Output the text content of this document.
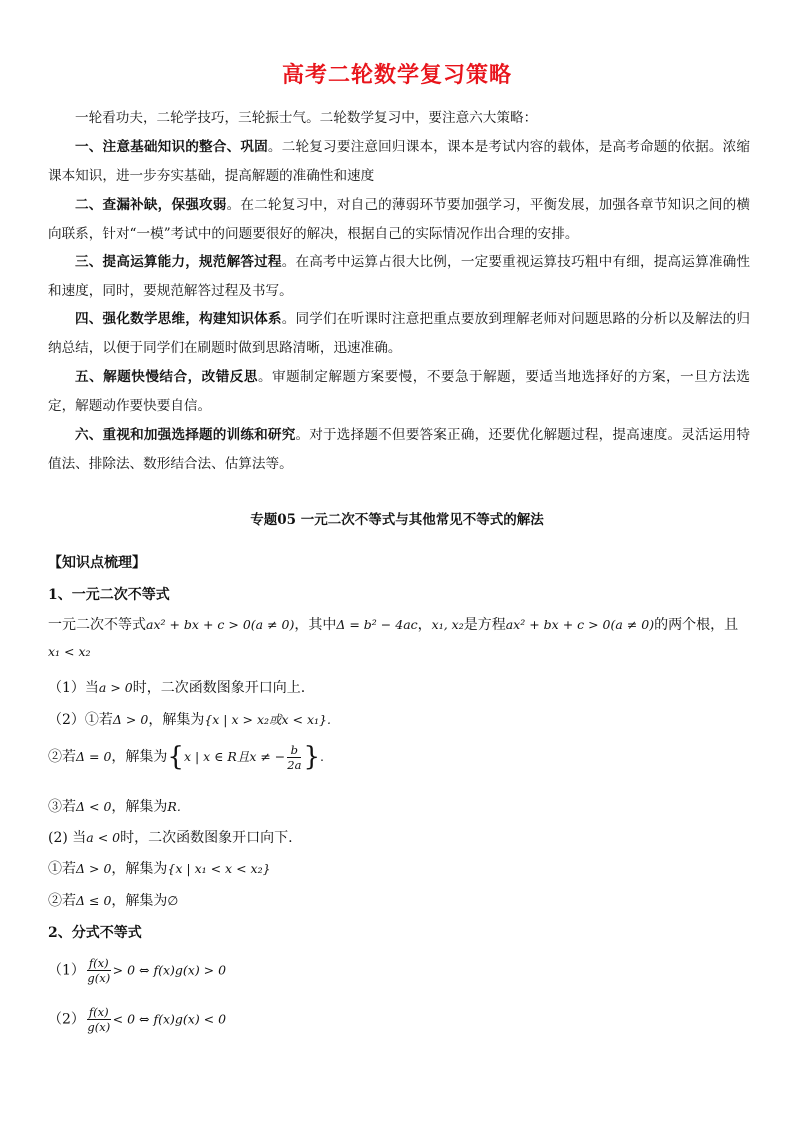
高考二轮数学复习策略
一轮看功夫，二轮学技巧，三轮振士气。二轮数学复习中，要注意六大策略：
一、注意基础知识的整合、巩固。二轮复习要注意回归课本，课本是考试内容的载体，是高考命题的依据。浓缩课本知识，进一步夯实基础，提高解题的准确性和速度
二、查漏补缺，保强攻弱。在二轮复习中，对自己的薄弱环节要加强学习，平衡发展，加强各章节知识之间的横向联系，针对“一模”考试中的问题要很好的解决，根据自己的实际情况作出合理的安排。
三、提高运算能力，规范解答过程。在高考中运算占很大比例，一定要重视运算技巧粗中有细，提高运算准确性和速度，同时，要规范解答过程及书写。
四、强化数学思维，构建知识体系。同学们在听课时注意把重点要放到理解老师对问题思路的分析以及解法的归纳总结，以便于同学们在刷题时做到思路清晰，迅速准确。
五、解题快慢结合，改错反思。审题制定解题方案要慢，不要急于解题，要适当地选择好的方案，一旦方法选定，解题动作要快要自信。
六、重视和加强选择题的训练和研究。对于选择题不但要答案正确，还要优化解题过程，提高速度。灵活运用特值法、排除法、数形结合法、估算法等。
专题05 一元二次不等式与其他常见不等式的解法
【知识点梳理】
1、一元二次不等式
一元二次不等式ax² + bx + c > 0(a ≠ 0)，其中Δ = b² − 4ac，x₁, x₂是方程ax² + bx + c > 0(a ≠ 0)的两个根，且
x₁ < x₂
（1）当a > 0时，二次函数图象开口向上.
（2）①若Δ > 0，解集为{x | x > x₂或x < x₁}.
②若Δ = 0，解集为{x | x ∈ R且x ≠ − $\frac{b}{2a}$ }.
③若Δ < 0，解集为R.
(2) 当a < 0时，二次函数图象开口向下.
①若Δ > 0，解集为{x | x₁ < x < x₂}
②若Δ ≤ 0，解集为∅
2、分式不等式
$(1) \frac{f(x)}{g(x)} > 0$ ⇔ f(x)g(x) > 0
$(2) \frac{f(x)}{g(x)} < 0$ ⇔ f(x)g(x) < 0
